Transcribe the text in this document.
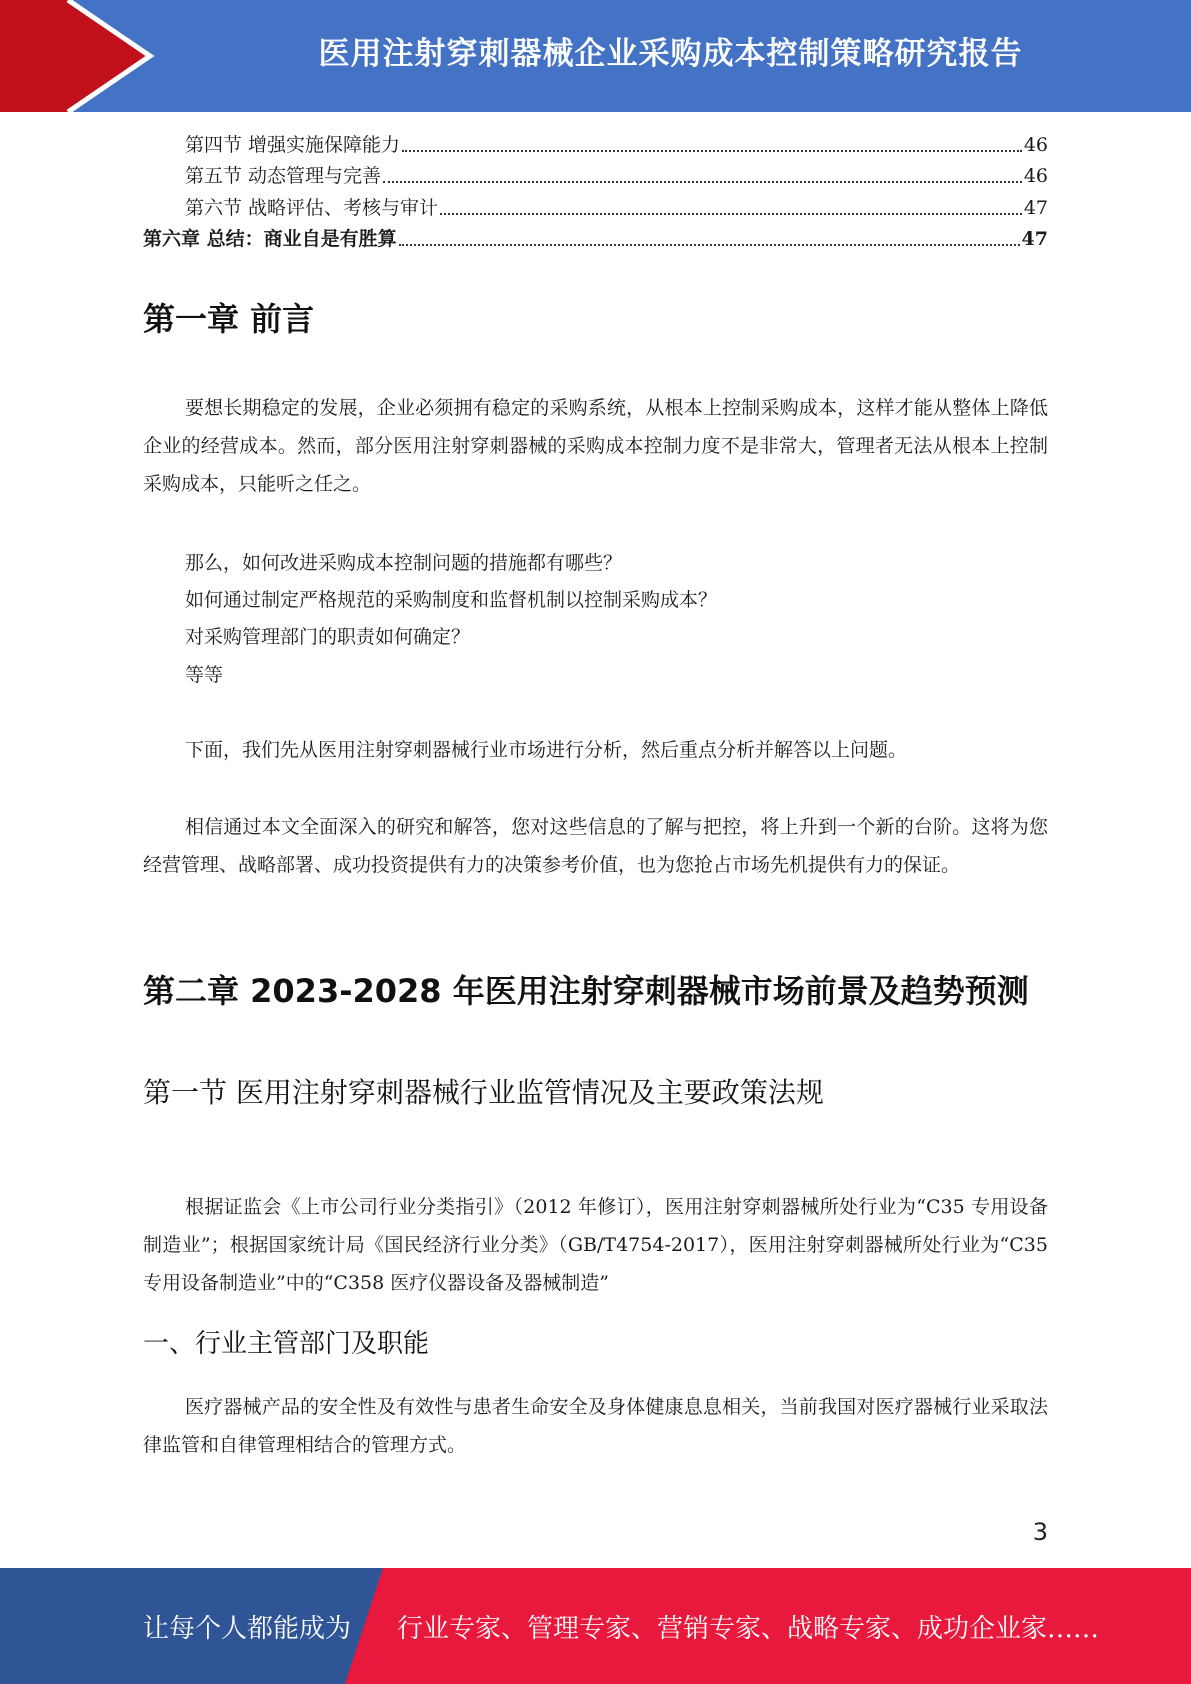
医用注射穿刺器械企业采购成本控制策略研究报告
第四节 增强实施保障能力	46
第五节 动态管理与完善	46
第六节 战略评估、考核与审计	47
第六章 总结：商业自是有胜算	47
第一章 前言
要想长期稳定的发展，企业必须拥有稳定的采购系统，从根本上控制采购成本，这样才能从整体上降低企业的经营成本。然而，部分医用注射穿刺器械的采购成本控制力度不是非常大，管理者无法从根本上控制采购成本，只能听之任之。
那么，如何改进采购成本控制问题的措施都有哪些？
如何通过制定严格规范的采购制度和监督机制以控制采购成本？
对采购管理部门的职责如何确定？
等等
下面，我们先从医用注射穿刺器械行业市场进行分析，然后重点分析并解答以上问题。
相信通过本文全面深入的研究和解答，您对这些信息的了解与把控，将上升到一个新的台阶。这将为您经营管理、战略部署、成功投资提供有力的决策参考价值，也为您抢占市场先机提供有力的保证。
第二章 2023-2028 年医用注射穿刺器械市场前景及趋势预测
第一节 医用注射穿刺器械行业监管情况及主要政策法规
根据证监会《上市公司行业分类指引》（2012 年修订），医用注射穿刺器械所处行业为“C35 专用设备制造业”；根据国家统计局《国民经济行业分类》（GB/T4754-2017），医用注射穿刺器械所处行业为“C35 专用设备制造业”中的“C358 医疗仪器设备及器械制造”
一、行业主管部门及职能
医疗器械产品的安全性及有效性与患者生命安全及身体健康息息相关，当前我国对医疗器械行业采取法律监管和自律管理相结合的管理方式。
3
让每个人都能成为 行业专家、管理专家、营销专家、战略专家、成功企业家……
